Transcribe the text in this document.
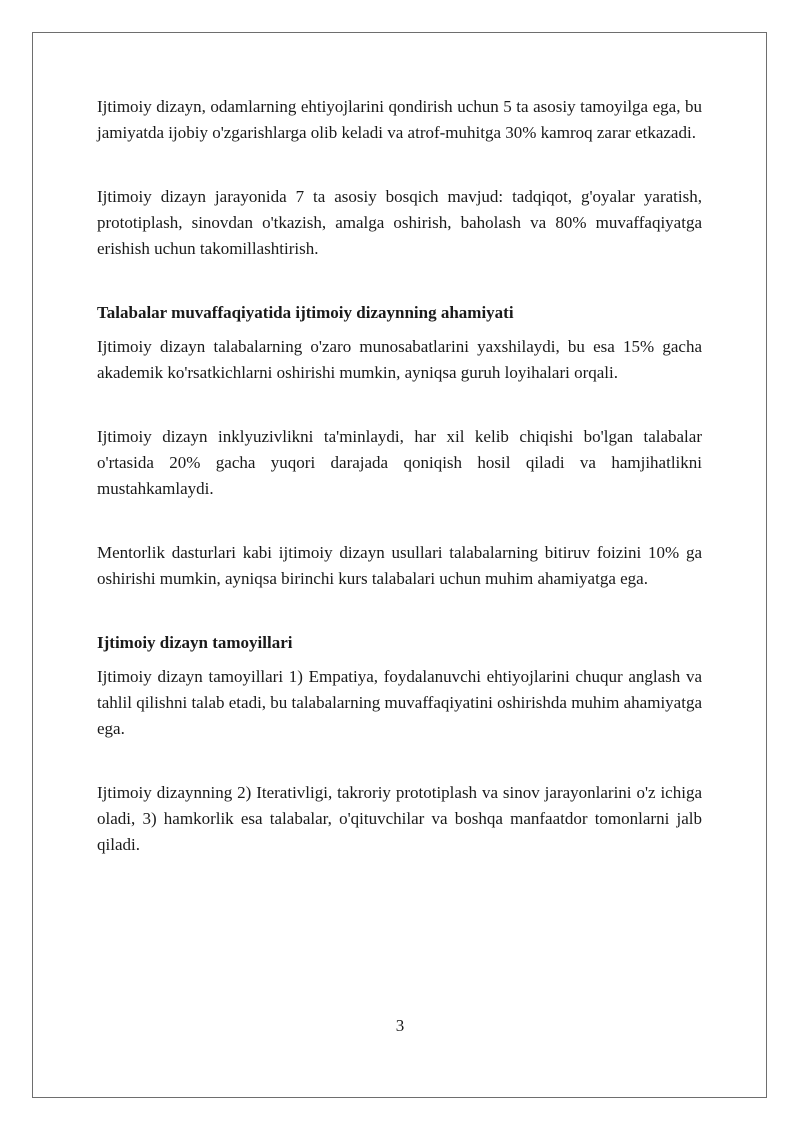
Ijtimoiy dizayn, odamlarning ehtiyojlarini qondirish uchun 5 ta asosiy tamoyilga ega, bu jamiyatda ijobiy o'zgarishlarga olib keladi va atrof-muhitga 30% kamroq zarar etkazadi.

Ijtimoiy dizayn jarayonida 7 ta asosiy bosqich mavjud: tadqiqot, g'oyalar yaratish, prototiplash, sinovdan o'tkazish, amalga oshirish, baholash va 80% muvaffaqiyatga erishish uchun takomillashtirish.

Talabalar muvaffaqiyatida ijtimoiy dizaynning ahamiyati

Ijtimoiy dizayn talabalarning o'zaro munosabatlarini yaxshilaydi, bu esa 15% gacha akademik ko'rsatkichlarni oshirishi mumkin, ayniqsa guruh loyihalari orqali.

Ijtimoiy dizayn inklyuzivlikni ta'minlaydi, har xil kelib chiqishi bo'lgan talabalar o'rtasida 20% gacha yuqori darajada qoniqish hosil qiladi va hamjihatlikni mustahkamlaydi.

Mentorlik dasturlari kabi ijtimoiy dizayn usullari talabalarning bitiruv foizini 10% ga oshirishi mumkin, ayniqsa birinchi kurs talabalari uchun muhim ahamiyatga ega.

Ijtimoiy dizayn tamoyillari

Ijtimoiy dizayn tamoyillari 1) Empatiya, foydalanuvchi ehtiyojlarini chuqur anglash va tahlil qilishni talab etadi, bu talabalarning muvaffaqiyatini oshirishda muhim ahamiyatga ega.

Ijtimoiy dizaynning 2) Iterativligi, takroriy prototiplash va sinov jarayonlarini o'z ichiga oladi, 3) hamkorlik esa talabalar, o'qituvchilar va boshqa manfaatdor tomonlarni jalb qiladi.

3
